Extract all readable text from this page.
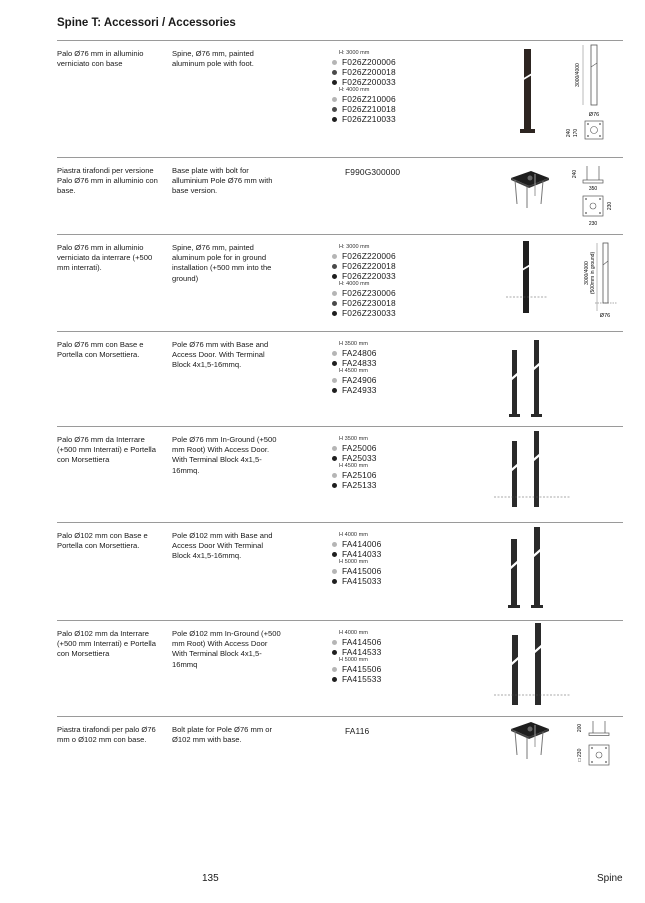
Spine T: Accessori / Accessories
Palo Ø76 mm in alluminio verniciato con base
Spine, Ø76 mm, painted aluminum pole with foot.
H: 3000 mm
F026Z200006
F026Z200018
F026Z200033
H: 4000 mm
F026Z210006
F026Z210018
F026Z210033
3000/4000
Ø76
240 170
Piastra tirafondi per versione Palo Ø76 mm in alluminio con base.
Base plate with bolt for alluminium Pole Ø76 mm with base version.
F990G300000	240
350
230
230
Palo Ø76 mm in alluminio verniciato da interrare (+500 mm interrati).
Spine, Ø76 mm, painted aluminum pole for in ground installation (+500 mm into the ground)
H: 3000 mm
F026Z220006
F026Z220018
F026Z220033
H: 4000 mm
F026Z230006
F026Z230018
F026Z230033
3000/4000 (500mm in ground)
Ø76
Palo Ø76 mm con Base e Portella con Morsettiera.
Pole Ø76 mm with Base and Access Door. With Terminal Block 4x1,5-16mmq.
H 3500 mm
FA24806
FA24833
H 4500 mm
FA24906
FA24933
Palo Ø76 mm da Interrare (+500 mm Interrati) e Portella con Morsettiera
Pole Ø76 mm In-Ground (+500 mm Root) With Access Door. With Terminal Block 4x1,5-16mmq.
H 3500 mm
FA25006
FA25033
H 4500 mm
FA25106
FA25133
Palo Ø102 mm con Base e Portella con Morsettiera.
Pole Ø102 mm with Base and Access Door With Terminal Block 4x1,5-16mmq.
H 4000 mm
FA414006
FA414033
H 5000 mm
FA415006
FA415033
Palo Ø102 mm da Interrare (+500 mm Interrati) e Portella con Morsettiera
Pole Ø102 mm In-Ground (+500 mm Root) With Access Door With Terminal Block 4x1,5-16mmq
H 4000 mm
FA414506
FA414533
H 5000 mm
FA415506
FA415533
Piastra tirafondi per palo Ø76 mm o Ø102 mm con base.
Bolt plate for Pole Ø76 mm or Ø102 mm with base.
FA116	200
□ 230
135	Spine
